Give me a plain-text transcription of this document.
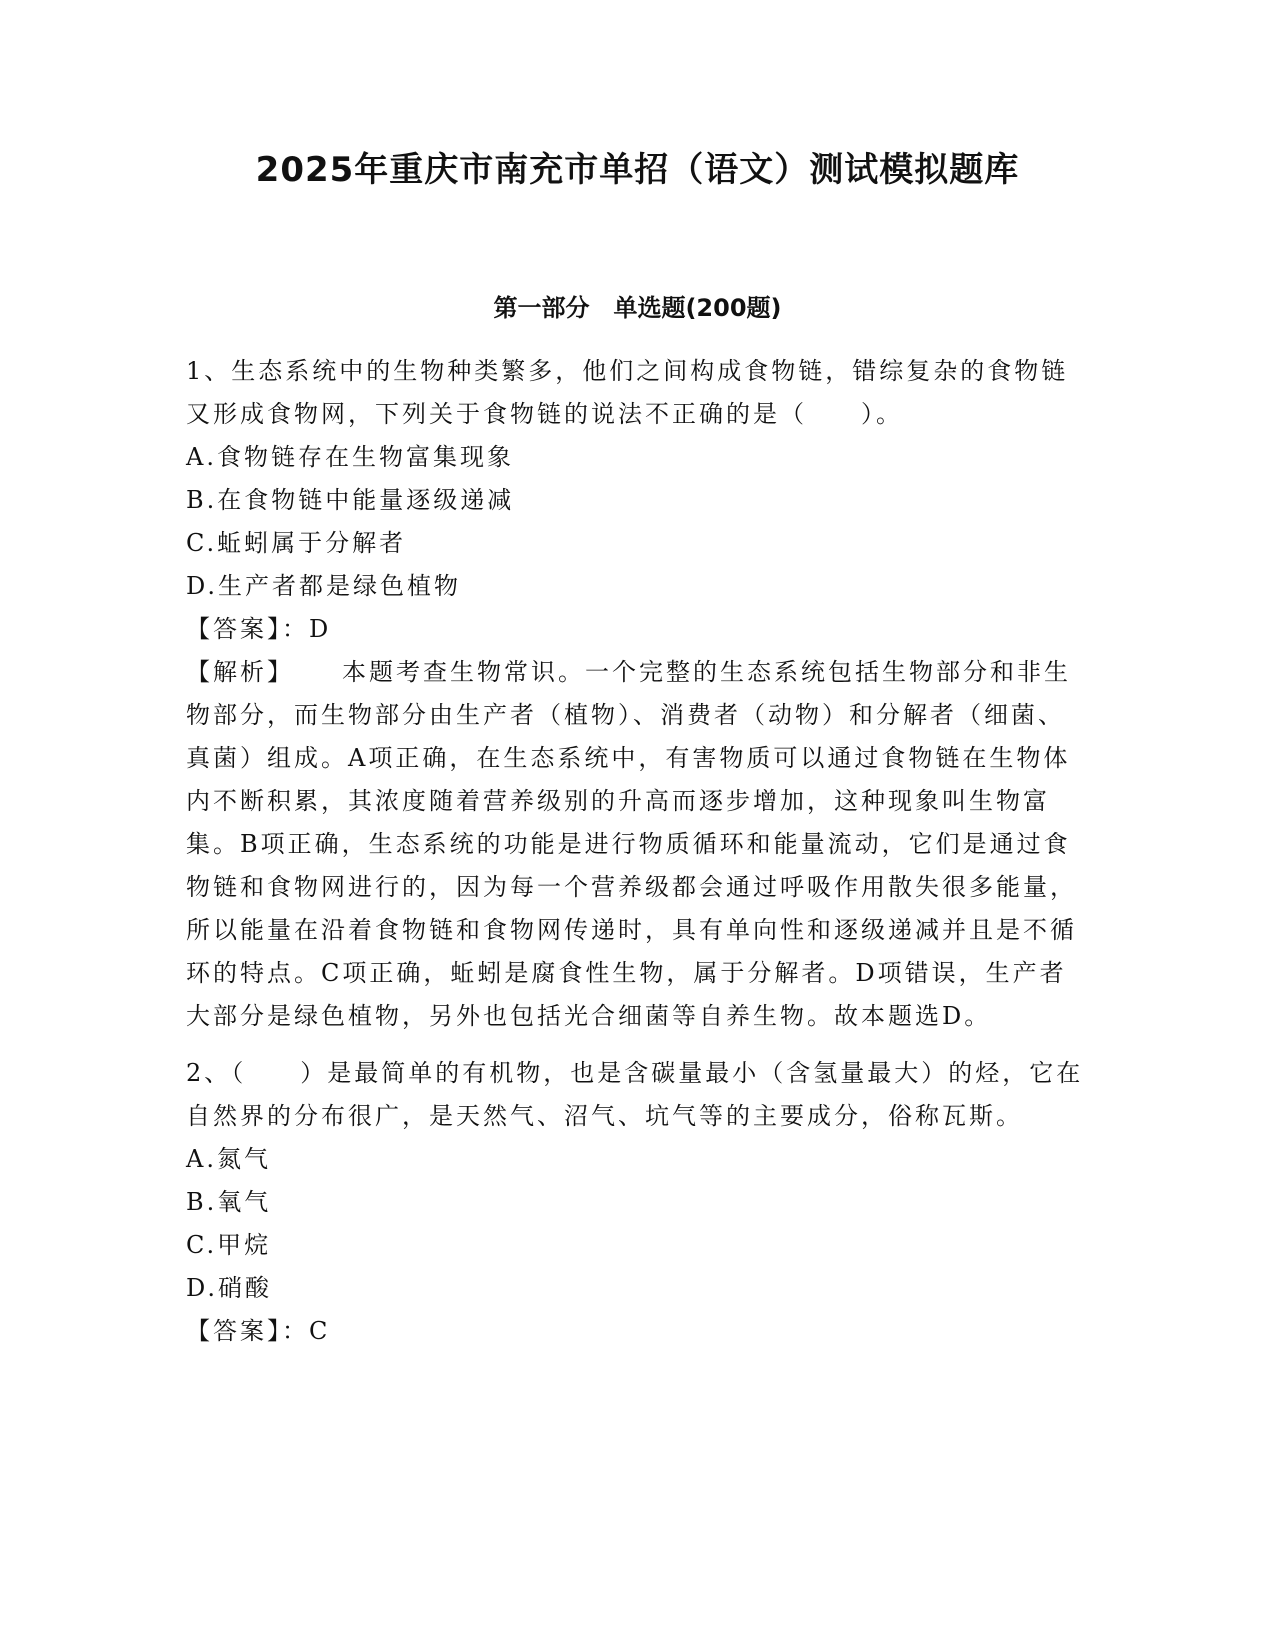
2025年重庆市南充市单招（语文）测试模拟题库
第一部分　单选题(200题)

1、生态系统中的生物种类繁多，他们之间构成食物链，错综复杂的食物链又形成食物网，下列关于食物链的说法不正确的是（　　）。

A.食物链存在生物富集现象

B.在食物链中能量逐级递减

C.蚯蚓属于分解者

D.生产者都是绿色植物

【答案】：D

【解析】 本题考查生物常识。一个完整的生态系统包括生物部分和非生物部分，而生物部分由生产者（植物）、消费者（动物）和分解者（细菌、真菌）组成。A项正确，在生态系统中，有害物质可以通过食物链在生物体内不断积累，其浓度随着营养级别的升高而逐步增加，这种现象叫生物富集。B项正确，生态系统的功能是进行物质循环和能量流动，它们是通过食物链和食物网进行的，因为每一个营养级都会通过呼吸作用散失很多能量，所以能量在沿着食物链和食物网传递时，具有单向性和逐级递减并且是不循环的特点。C项正确，蚯蚓是腐食性生物，属于分解者。D项错误，生产者大部分是绿色植物，另外也包括光合细菌等自养生物。故本题选D。

2、（　　）是最简单的有机物，也是含碳量最小（含氢量最大）的烃，它在自然界的分布很广，是天然气、沼气、坑气等的主要成分，俗称瓦斯。

A.氮气

B.氧气

C.甲烷

D.硝酸

【答案】：C
